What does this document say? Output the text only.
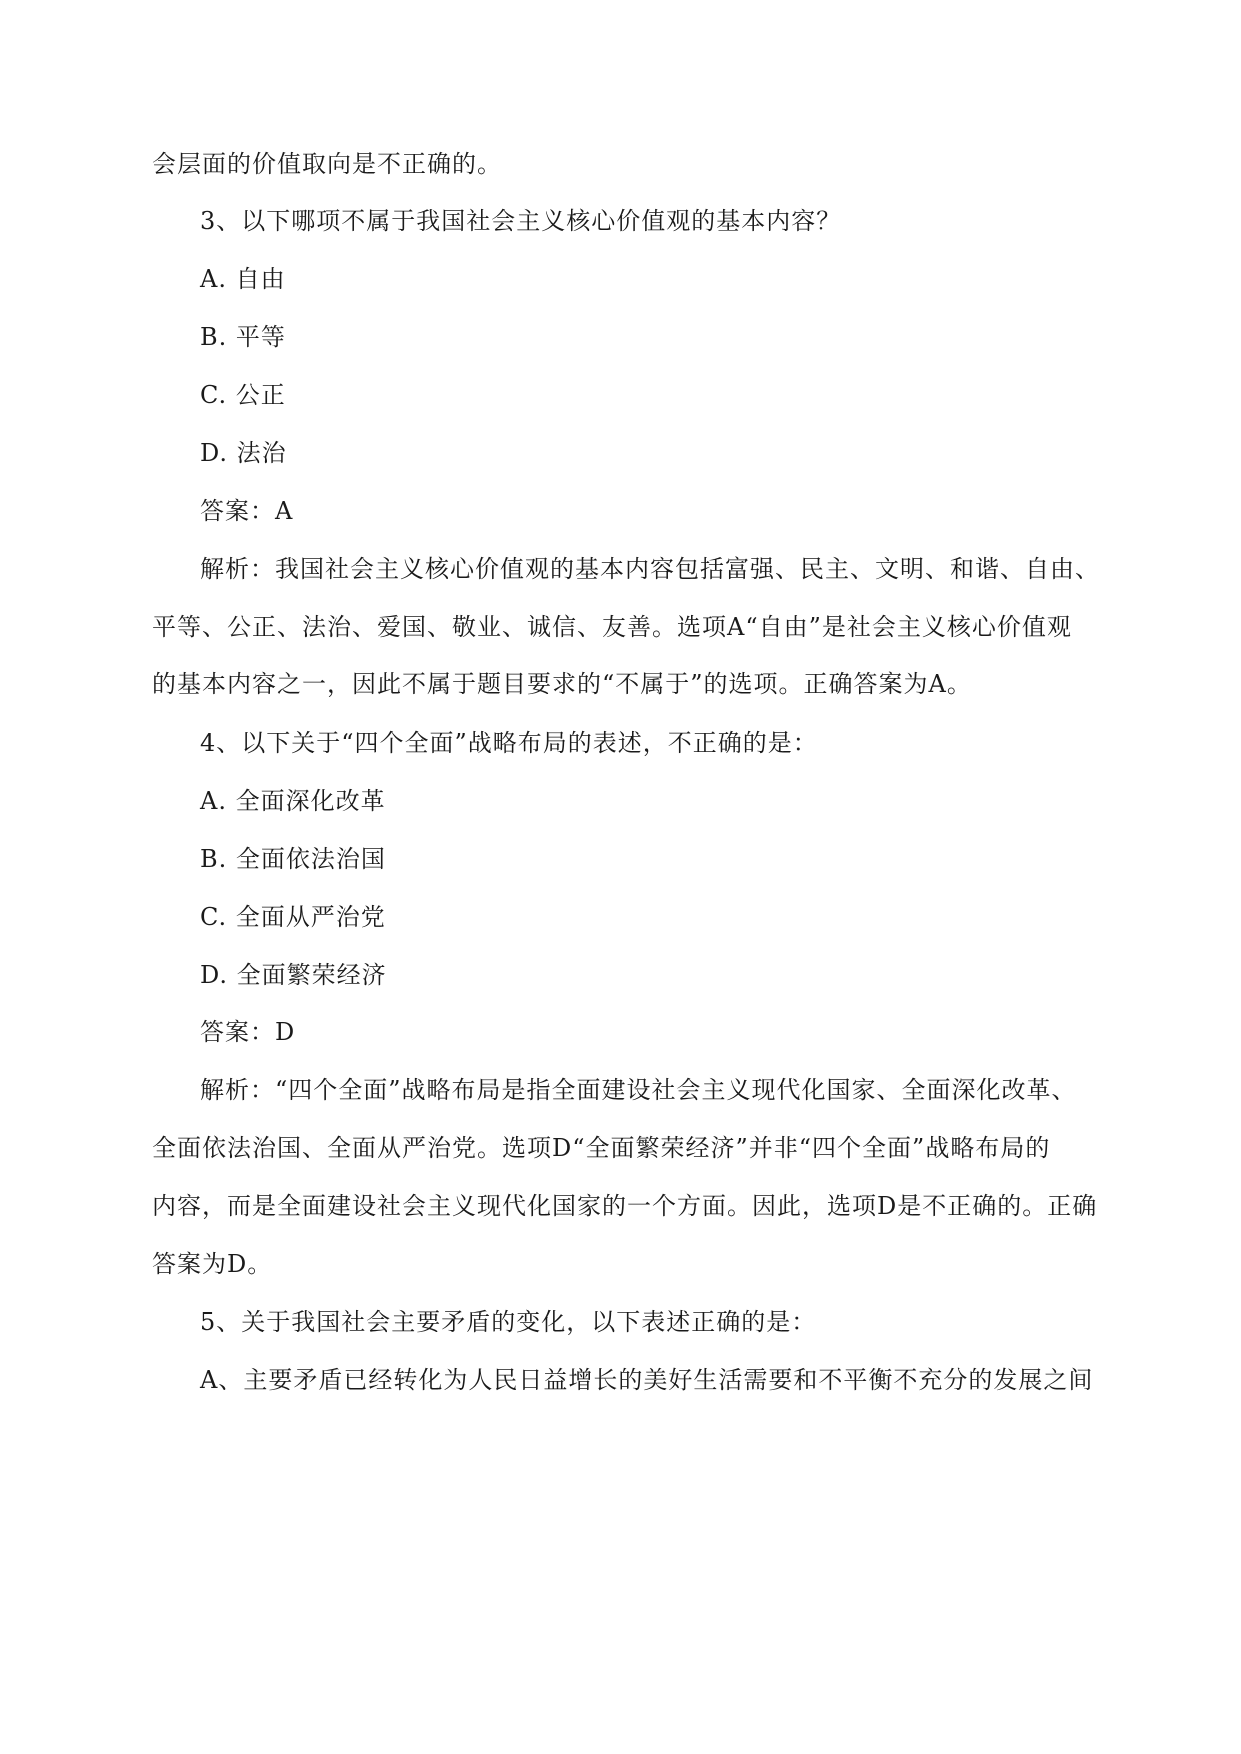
会层面的价值取向是不正确的。
3、以下哪项不属于我国社会主义核心价值观的基本内容？
A. 自由
B. 平等
C. 公正
D. 法治
答案：A
解析：我国社会主义核心价值观的基本内容包括富强、民主、文明、和谐、自由、
平等、公正、法治、爱国、敬业、诚信、友善。选项A“自由”是社会主义核心价值观
的基本内容之一，因此不属于题目要求的“不属于”的选项。正确答案为A。
4、以下关于“四个全面”战略布局的表述，不正确的是：
A. 全面深化改革
B. 全面依法治国
C. 全面从严治党
D. 全面繁荣经济
答案：D
解析：“四个全面”战略布局是指全面建设社会主义现代化国家、全面深化改革、
全面依法治国、全面从严治党。选项D“全面繁荣经济”并非“四个全面”战略布局的
内容，而是全面建设社会主义现代化国家的一个方面。因此，选项D是不正确的。正确
答案为D。
5、关于我国社会主要矛盾的变化，以下表述正确的是：
A、主要矛盾已经转化为人民日益增长的美好生活需要和不平衡不充分的发展之间
